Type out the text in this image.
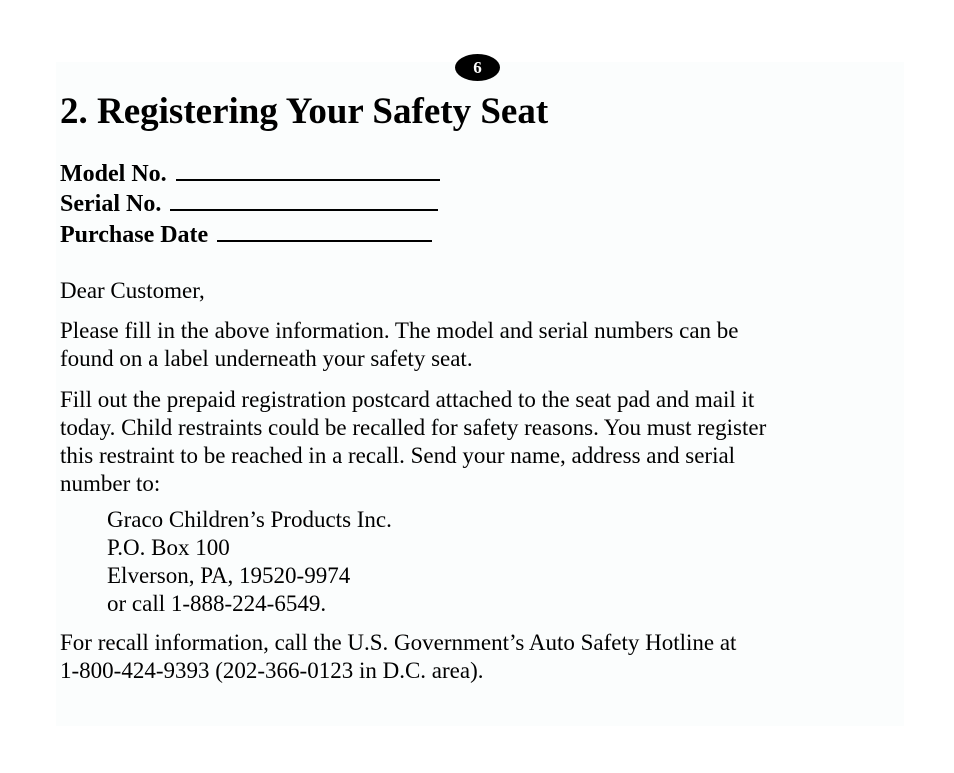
6
2. Registering Your Safety Seat
Model No.
Serial No.
Purchase Date

Dear Customer,

Please fill in the above information. The model and serial numbers can be
found on a label underneath your safety seat.

Fill out the prepaid registration postcard attached to the seat pad and mail it
today. Child restraints could be recalled for safety reasons. You must register
this restraint to be reached in a recall. Send your name, address and serial
number to:

Graco Children’s Products Inc.
P.O. Box 100
Elverson, PA, 19520-9974
or call 1-888-224-6549.

For recall information, call the U.S. Government’s Auto Safety Hotline at
1-800-424-9393 (202-366-0123 in D.C. area).
